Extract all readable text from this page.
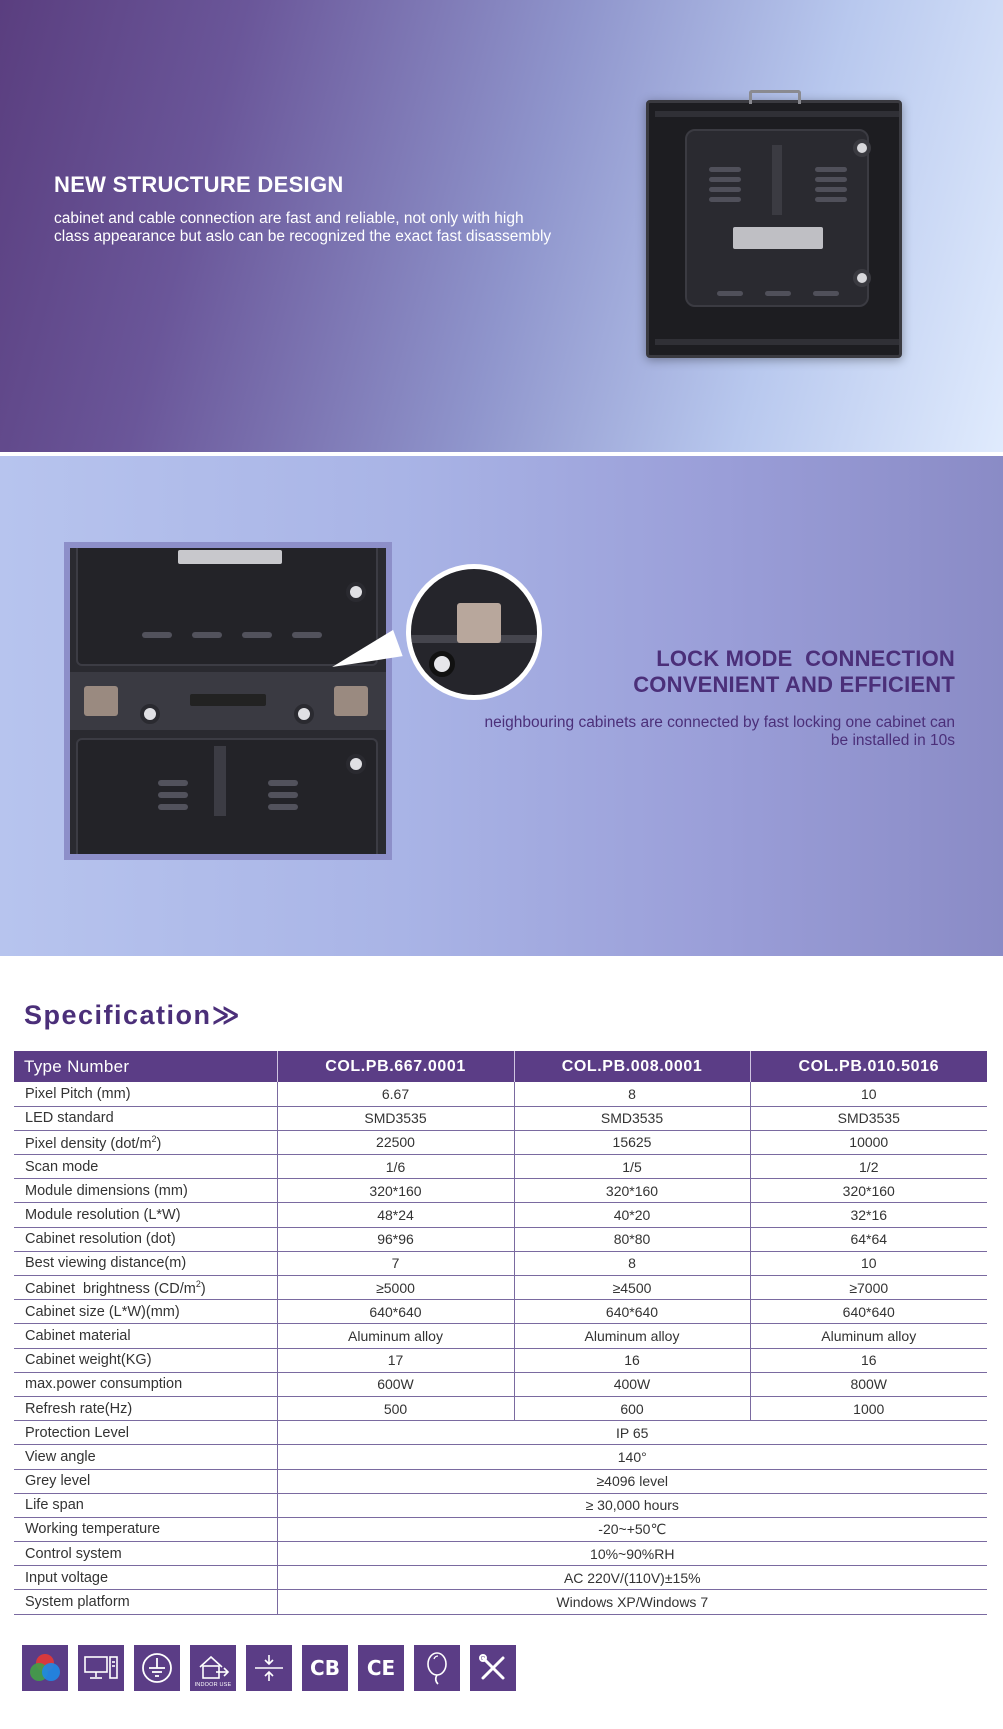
NEW STRUCTURE DESIGN

cabinet and cable connection are fast and reliable, not only with high class appearance but aslo can be recognized the exact fast disassembly

LOCK MODE  CONNECTION
CONVENIENT AND EFFICIENT

neighbouring cabinets are connected by fast locking one cabinet can be installed in 10s

Specification≫
Type Number	COL.PB.667.0001	COL.PB.008.0001	COL.PB.010.5016
Pixel Pitch (mm)	6.67	8	10
LED standard	SMD3535	SMD3535	SMD3535
Pixel density $(dot/m^2)$	22500	15625	10000
Scan mode	1/6	1/5	1/2
Module dimensions (mm)	320*160	320*160	320*160
Module resolution (L*W)	48*24	40*20	32*16
Cabinet resolution (dot)	96*96	80*80	64*64
Best viewing distance(m)	7	8	10
Cabinet  brightness $(CD/m^2)$	≥5000	≥4500	≥7000
Cabinet size (L*W)(mm)	640*640	640*640	640*640
Cabinet material	Aluminum alloy	Aluminum alloy	Aluminum alloy
Cabinet weight(KG)	17	16	16
max.power consumption	600W	400W	800W
Refresh rate(Hz)	500	600	1000
Protection Level	IP 65		
View angle	140°		
Grey level	≥4096 level		
Life span	≥ 30,000 hours		
Working temperature	-20~+50℃		
Control system	10%~90%RH		
Input voltage	AC 220V/(110V)±15%		
System platform	Windows XP/Windows 7		
INDOOR USE
CB CE
